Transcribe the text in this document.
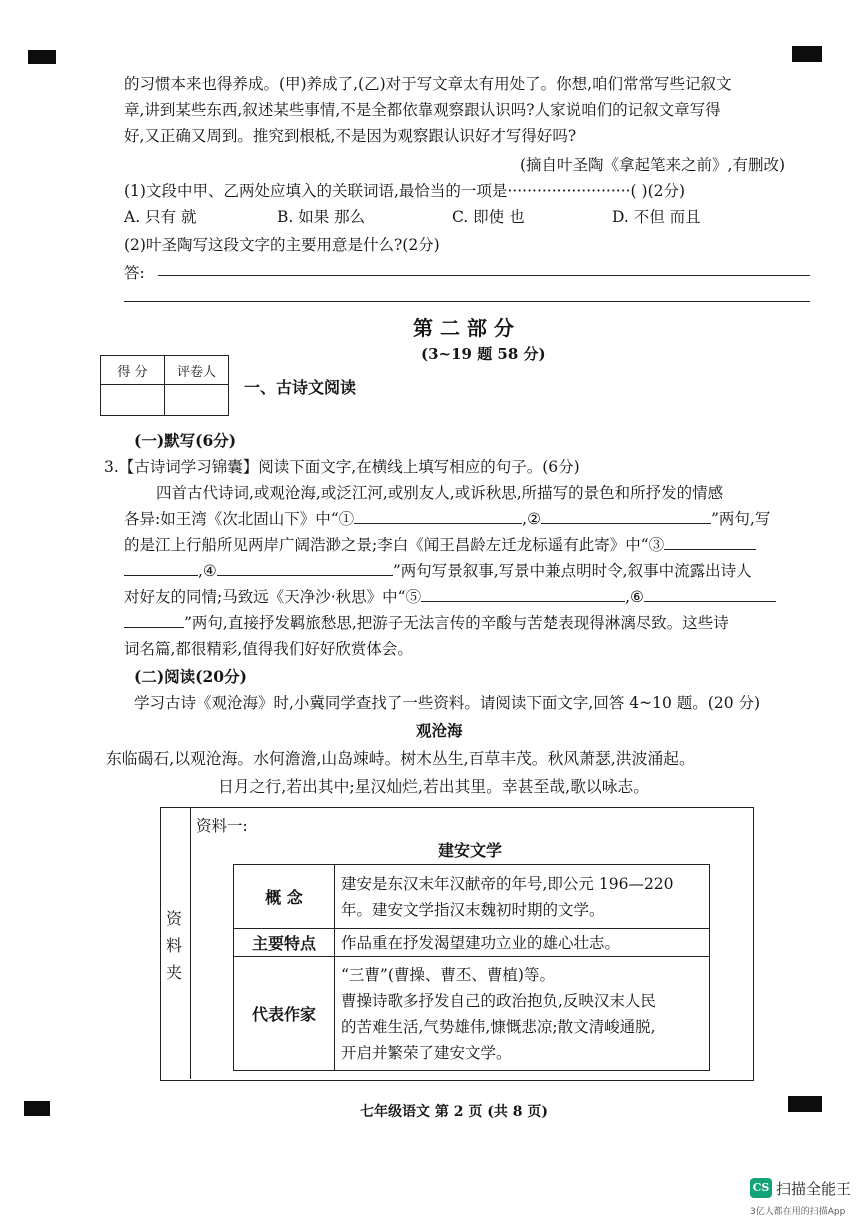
的习惯本来也得养成。(甲)养成了,(乙)对于写文章太有用处了。你想,咱们常常写些记叙文
章,讲到某些东西,叙述某些事情,不是全都依靠观察跟认识吗?人家说咱们的记叙文章写得
好,又正确又周到。推究到根柢,不是因为观察跟认识好才写得好吗?
(摘自叶圣陶《拿起笔来之前》,有删改)
(1)文段中甲、乙两处应填入的关联词语,最恰当的一项是·························( )(2分)
A. 只有 就	B. 如果 那么	C. 即使 也	D. 不但 而且
(2)叶圣陶写这段文字的主要用意是什么?(2分)
答:
第 二 部 分
(3~19 题 58 分)
得 分	评卷人

一、古诗文阅读
(一)默写(6分)
3.【古诗词学习锦囊】阅读下面文字,在横线上填写相应的句子。(6分)
四首古代诗词,或观沧海,或泛江河,或别友人,或诉秋思,所描写的景色和所抒发的情感
各异:如王湾《次北固山下》中“①	,②	”两句,写
的是江上行船所见两岸广阔浩渺之景;李白《闻王昌龄左迁龙标遥有此寄》中“③
,④	”两句写景叙事,写景中兼点明时令,叙事中流露出诗人
对好友的同情;马致远《天净沙·秋思》中“⑤	,⑥
”两句,直接抒发羁旅愁思,把游子无法言传的辛酸与苦楚表现得淋漓尽致。这些诗
词名篇,都很精彩,值得我们好好欣赏体会。
(二)阅读(20分)
学习古诗《观沧海》时,小冀同学查找了一些资料。请阅读下面文字,回答 4~10 题。(20 分)
观沧海
东临碣石,以观沧海。水何澹澹,山岛竦峙。树木丛生,百草丰茂。秋风萧瑟,洪波涌起。
日月之行,若出其中;星汉灿烂,若出其里。幸甚至哉,歌以咏志。
资
料
夹
资料一:
建安文学
概 念	建安是东汉末年汉献帝的年号,即公元 196—220
年。建安文学指汉末魏初时期的文学。

主要特点	作品重在抒发渴望建功立业的雄心壮志。

代表作家	“三曹”(曹操、曹丕、曹植)等。
曹操诗歌多抒发自己的政治抱负,反映汉末人民
的苦难生活,气势雄伟,慷慨悲凉;散文清峻通脱,
开启并繁荣了建安文学。
七年级语文 第 2 页 (共 8 页)
CS 扫描全能王
3亿人都在用的扫描App
